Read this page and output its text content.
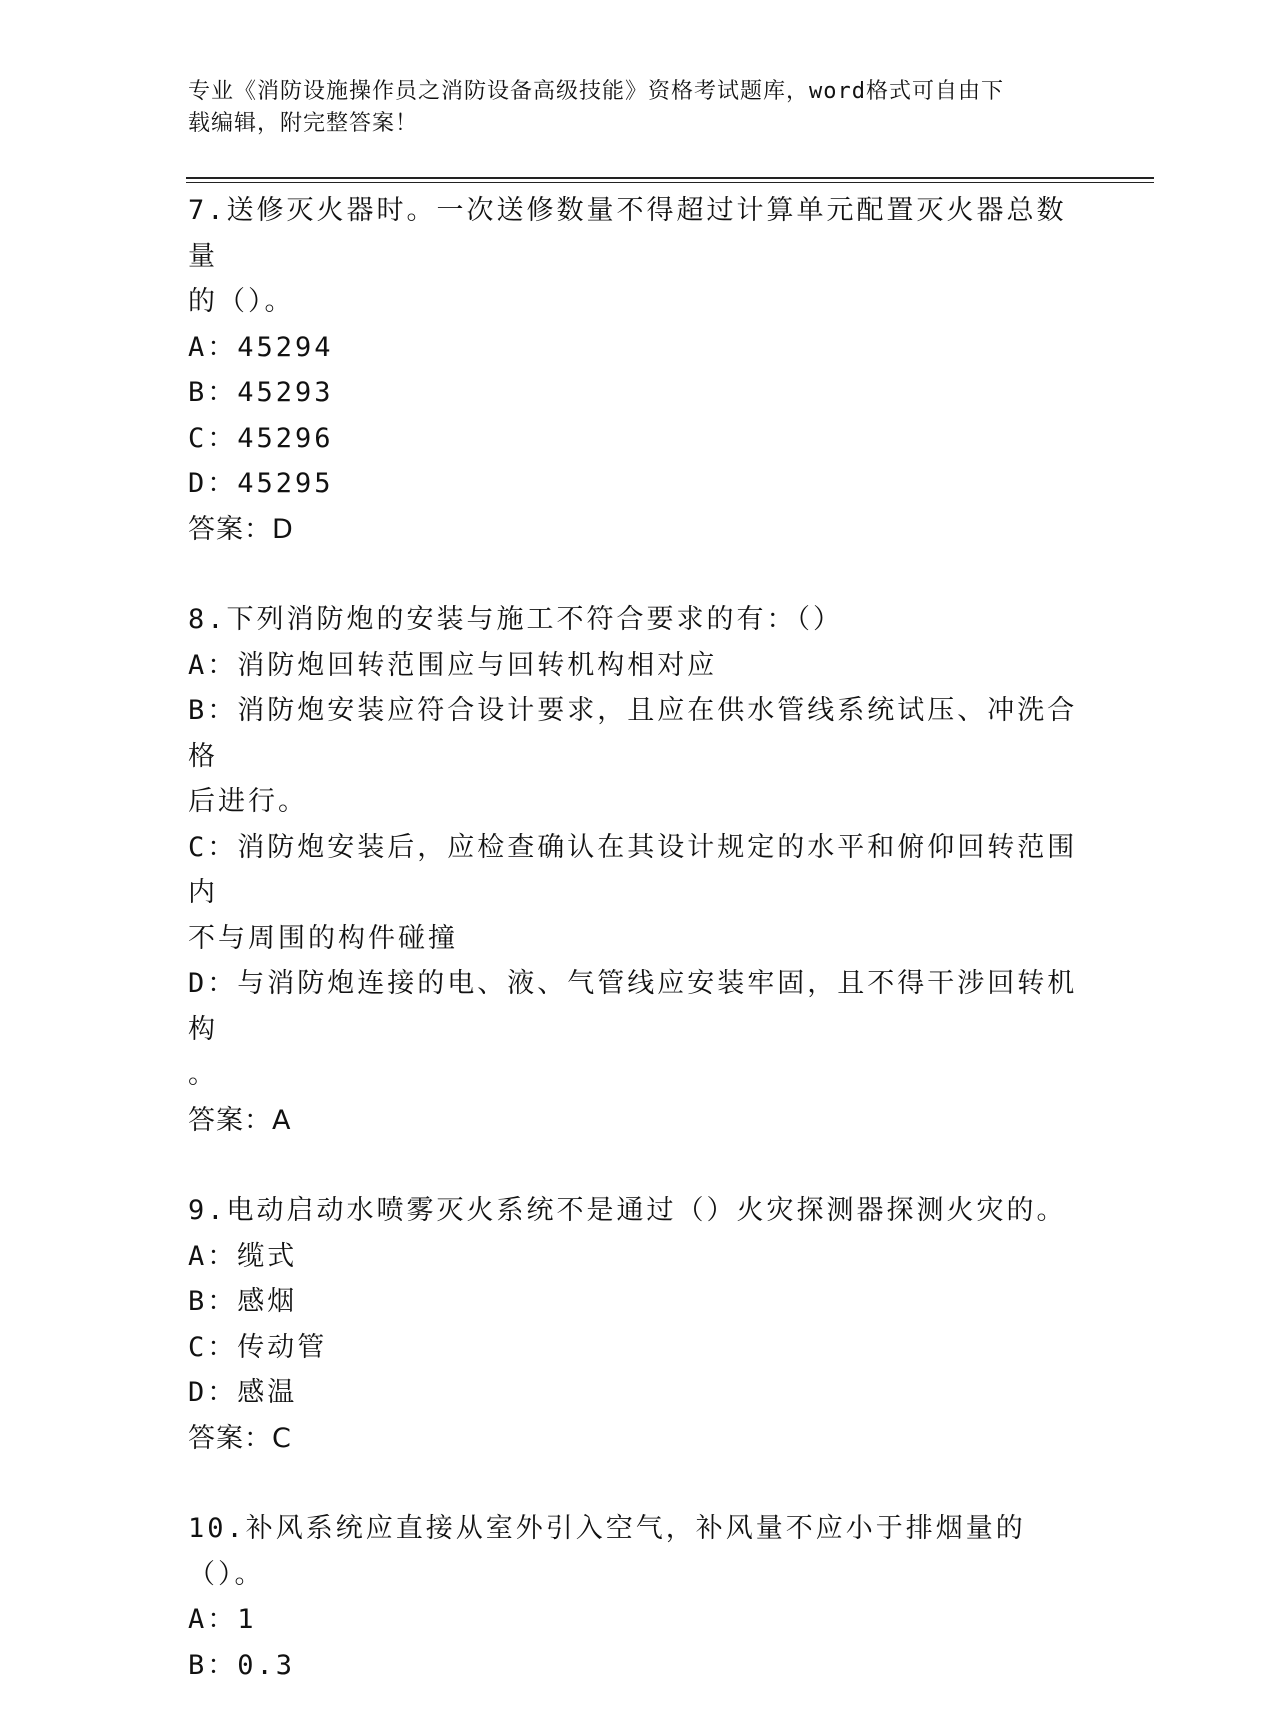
专业《消防设施操作员之消防设备高级技能》资格考试题库，word格式可自由下
载编辑，附完整答案！
7.送修灭火器时。一次送修数量不得超过计算单元配置灭火器总数量
的（）。
A：45294
B：45293
C：45296
D：45295
答案：D
8.下列消防炮的安装与施工不符合要求的有：（）
A：消防炮回转范围应与回转机构相对应
B：消防炮安装应符合设计要求，且应在供水管线系统试压、冲洗合格
后进行。
C：消防炮安装后，应检查确认在其设计规定的水平和俯仰回转范围内
不与周围的构件碰撞
D：与消防炮连接的电、液、气管线应安装牢固，且不得干涉回转机构
。
答案：A
9.电动启动水喷雾灭火系统不是通过（）火灾探测器探测火灾的。
A：缆式
B：感烟
C：传动管
D：感温
答案：C
10.补风系统应直接从室外引入空气，补风量不应小于排烟量的（）。
A：1
B：0.3
